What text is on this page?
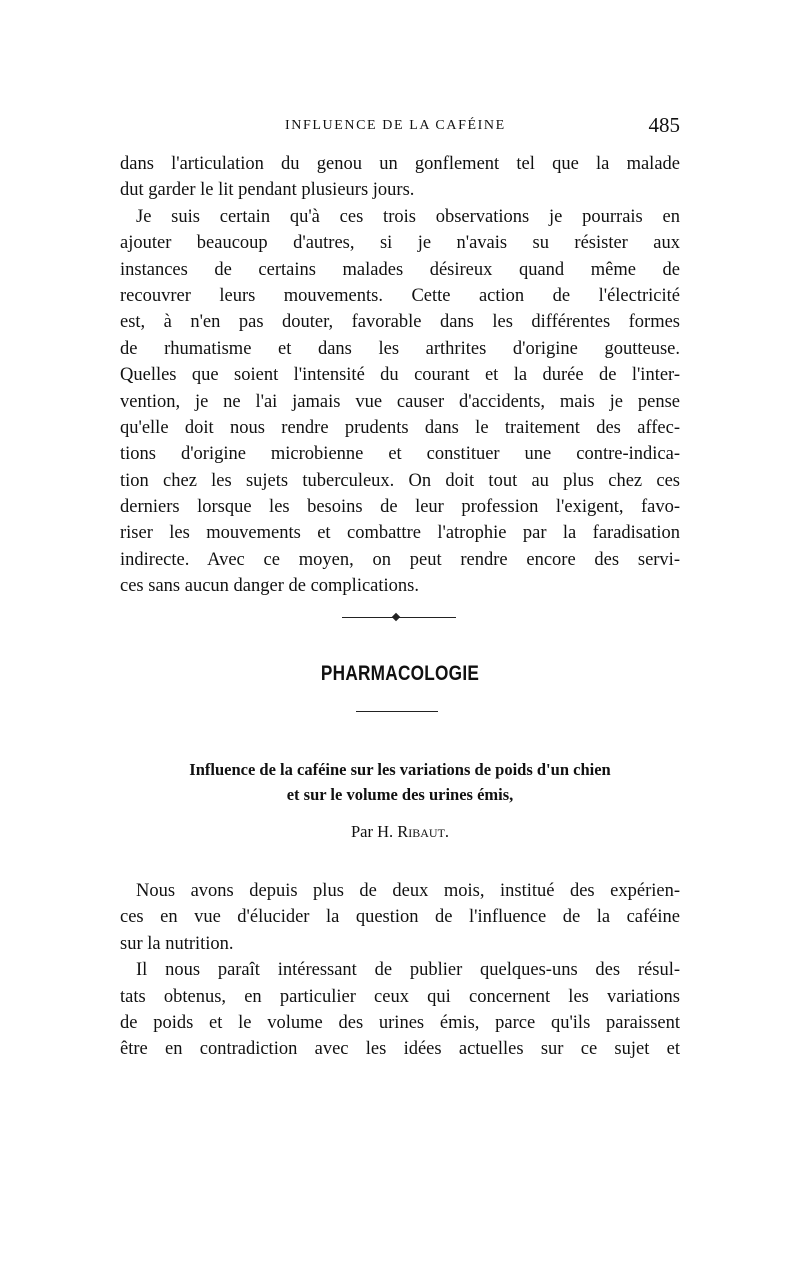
INFLUENCE DE LA CAFÉINE	485
dans l'articulation du genou un gonflement tel que la malade
dut garder le lit pendant plusieurs jours.
Je suis certain qu'à ces trois observations je pourrais en
ajouter beaucoup d'autres, si je n'avais su résister aux
instances de certains malades désireux quand même de
recouvrer leurs mouvements. Cette action de l'électricité
est, à n'en pas douter, favorable dans les différentes formes
de rhumatisme et dans les arthrites d'origine goutteuse.
Quelles que soient l'intensité du courant et la durée de l'inter-
vention, je ne l'ai jamais vue causer d'accidents, mais je pense
qu'elle doit nous rendre prudents dans le traitement des affec-
tions d'origine microbienne et constituer une contre-indica-
tion chez les sujets tuberculeux. On doit tout au plus chez ces
derniers lorsque les besoins de leur profession l'exigent, favo-
riser les mouvements et combattre l'atrophie par la faradisation
indirecte. Avec ce moyen, on peut rendre encore des servi-
ces sans aucun danger de complications.
PHARMACOLOGIE
Influence de la caféine sur les variations de poids d'un chien
et sur le volume des urines émis,
Par H. Ribaut.
Nous avons depuis plus de deux mois, institué des expérien-
ces en vue d'élucider la question de l'influence de la caféine
sur la nutrition.
Il nous paraît intéressant de publier quelques-uns des résul-
tats obtenus, en particulier ceux qui concernent les variations
de poids et le volume des urines émis, parce qu'ils paraissent
être en contradiction avec les idées actuelles sur ce sujet et
